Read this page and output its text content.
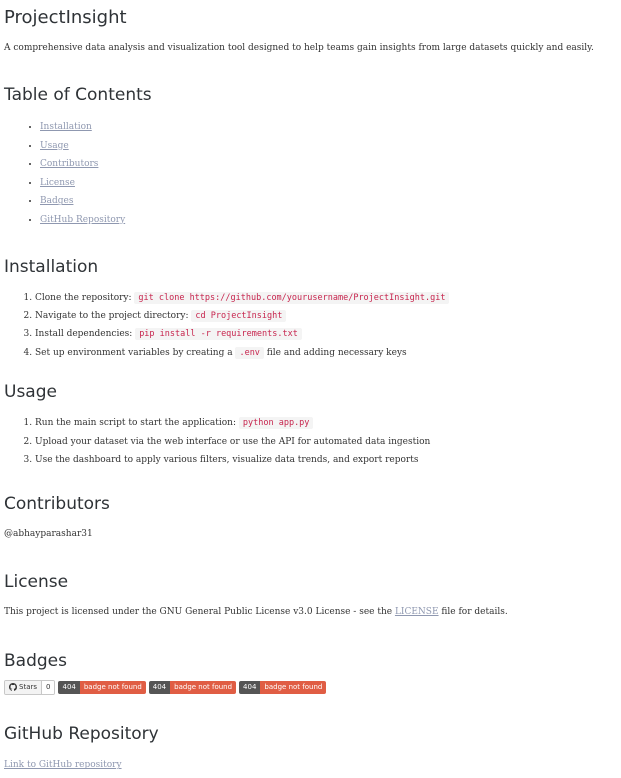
ProjectInsight

A comprehensive data analysis and visualization tool designed to help teams gain insights from large datasets quickly and easily.

Table of Contents
• Installation
• Usage
• Contributors
• License
• Badges
• GitHub Repository
Installation
1. Clone the repository: git clone https://github.com/yourusername/ProjectInsight.git
2. Navigate to the project directory: cd ProjectInsight
3. Install dependencies: pip install -r requirements.txt
4. Set up environment variables by creating a .env file and adding necessary keys
Usage
1. Run the main script to start the application: python app.py
2. Upload your dataset via the web interface or use the API for automated data ingestion
3. Use the dashboard to apply various filters, visualize data trends, and export reports
Contributors

@abhayparashar31

License

This project is licensed under the GNU General Public License v3.0 License - see the LICENSE file for details.

Badges
Stars	0	404	badge not found	404	badge not found	404	badge not found
GitHub Repository

Link to GitHub repository
